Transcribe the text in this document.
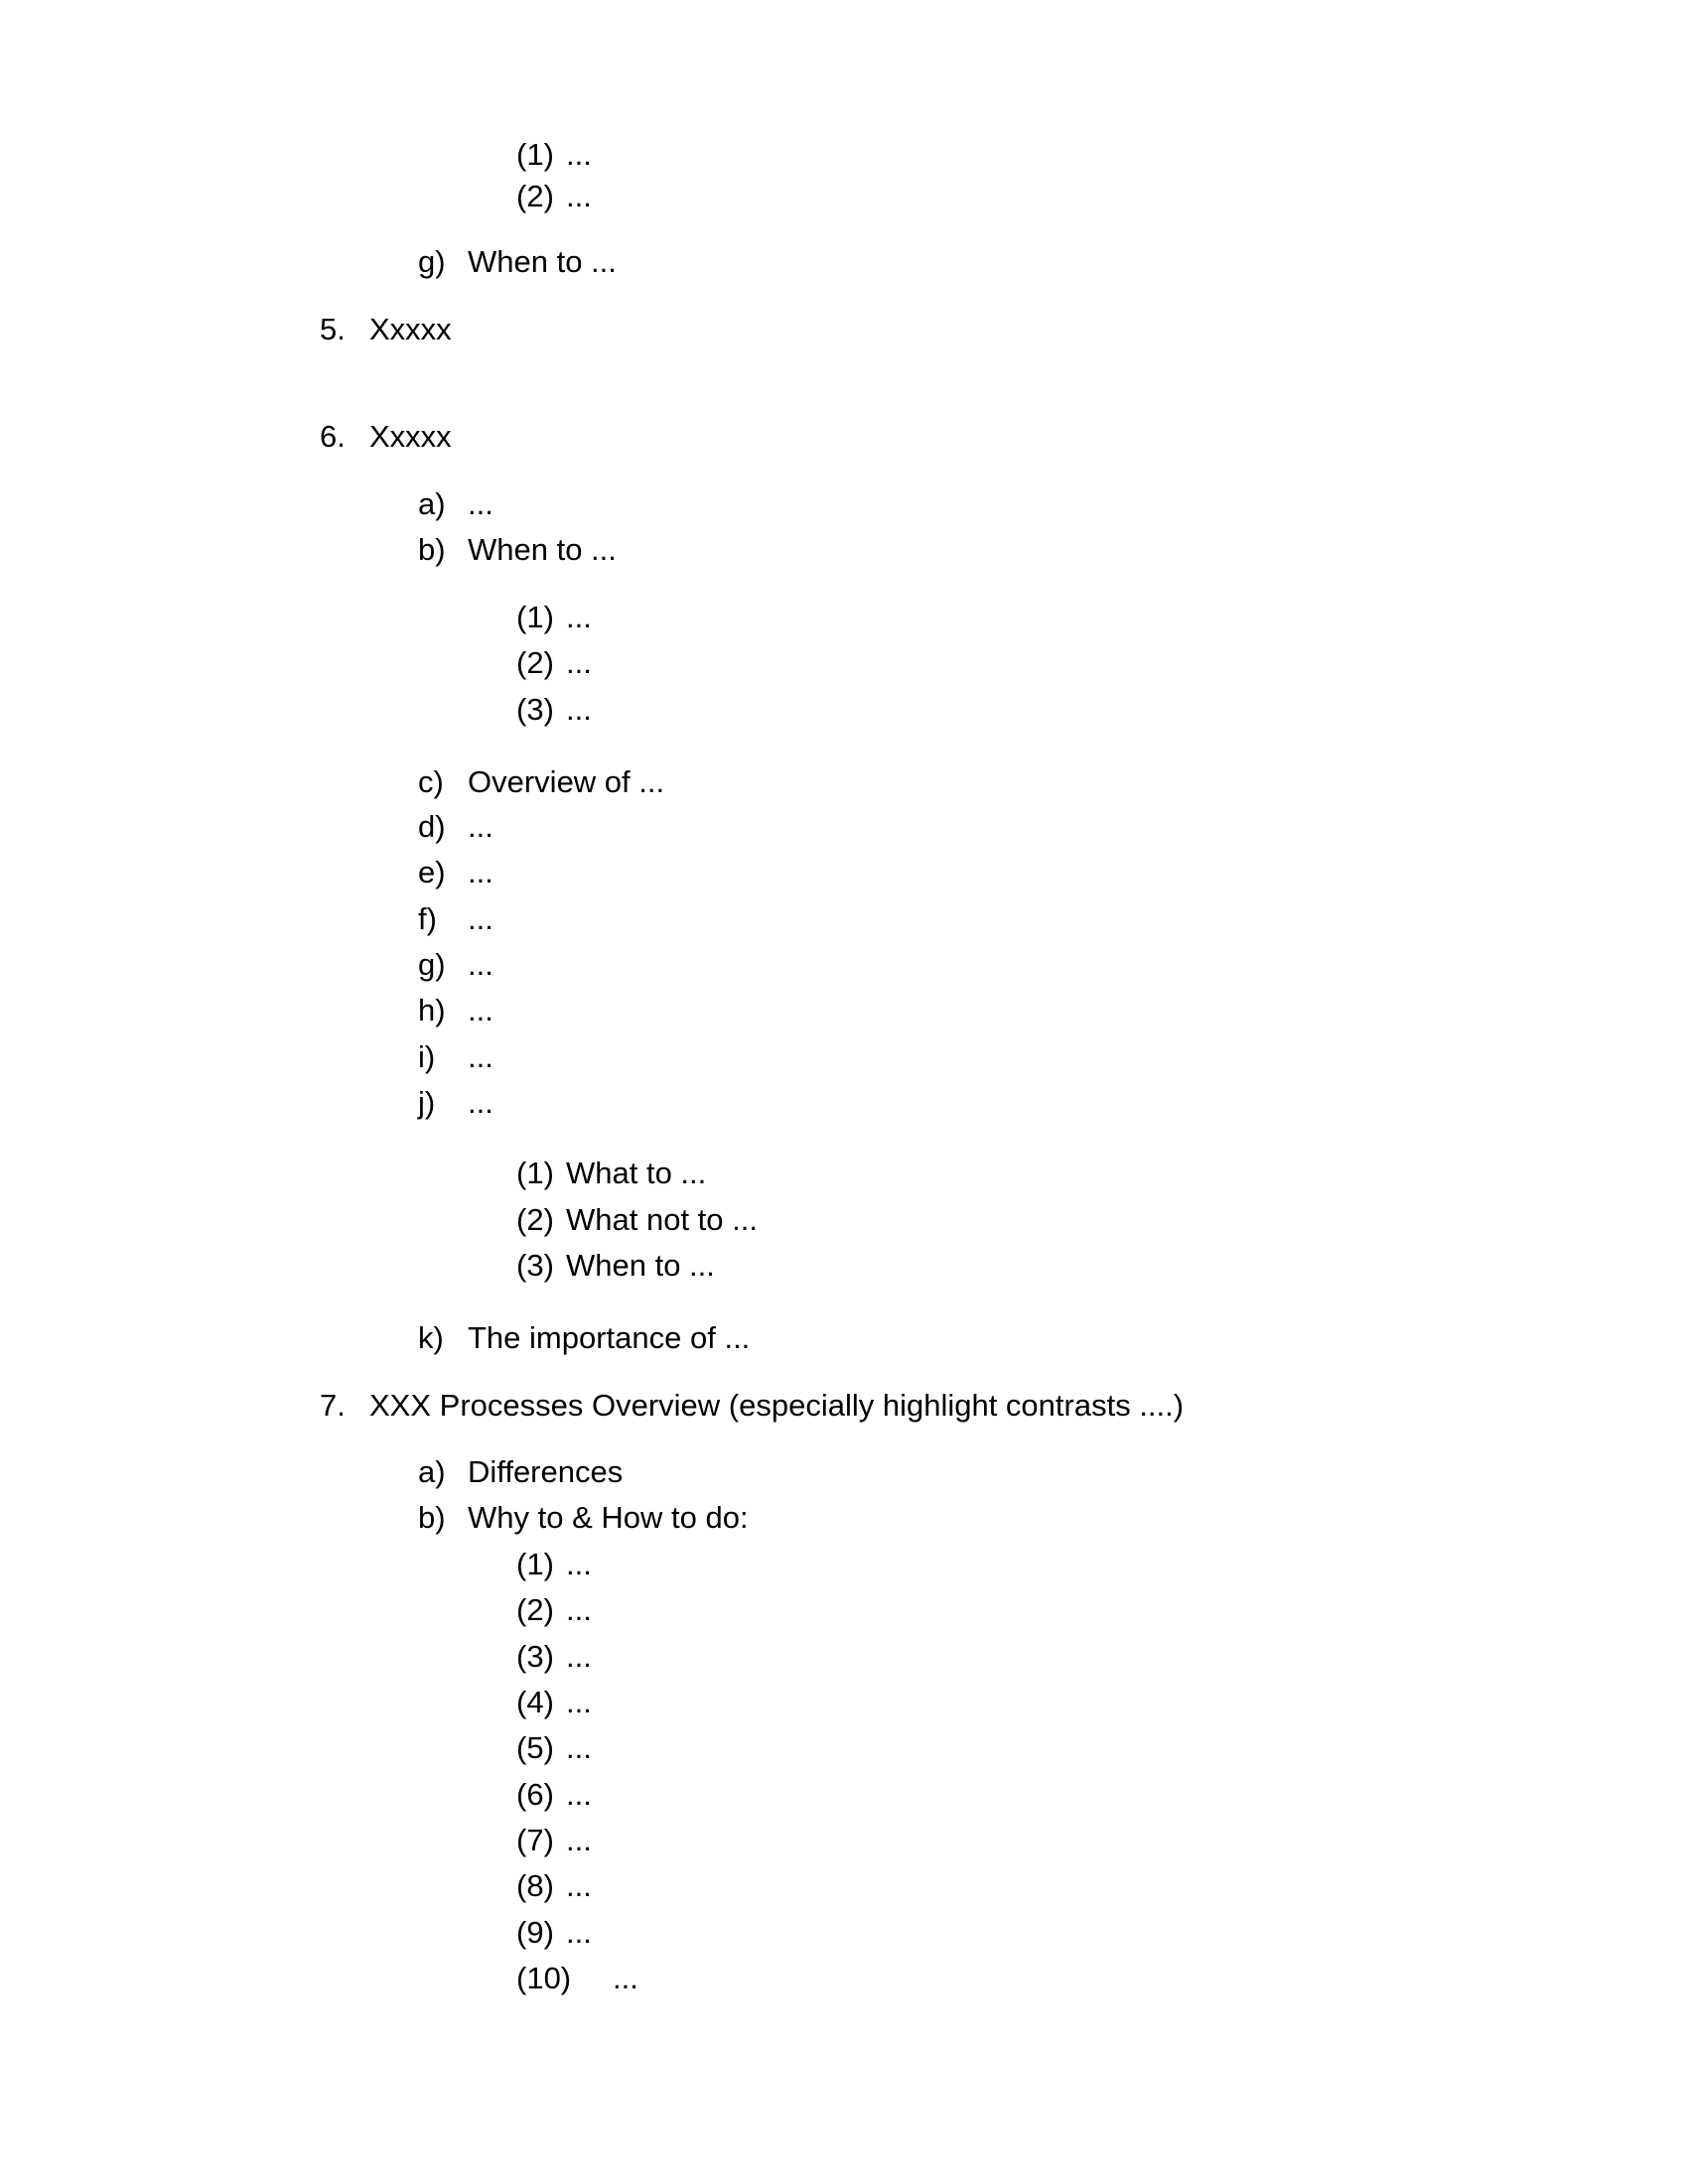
(1) ...
(2) ...
g) When to ...
5. Xxxxx
6. Xxxxx
a) ...
b) When to ...
(1) ...
(2) ...
(3) ...
c) Overview of ...
d) ...
e) ...
f) ...
g) ...
h) ...
i) ...
j) ...
(1) What to ...
(2) What not to ...
(3) When to ...
k) The importance of ...
7. XXX Processes Overview (especially highlight contrasts ....)
a) Differences
b) Why to & How to do:
(1) ...
(2) ...
(3) ...
(4) ...
(5) ...
(6) ...
(7) ...
(8) ...
(9) ...
(10) ...
